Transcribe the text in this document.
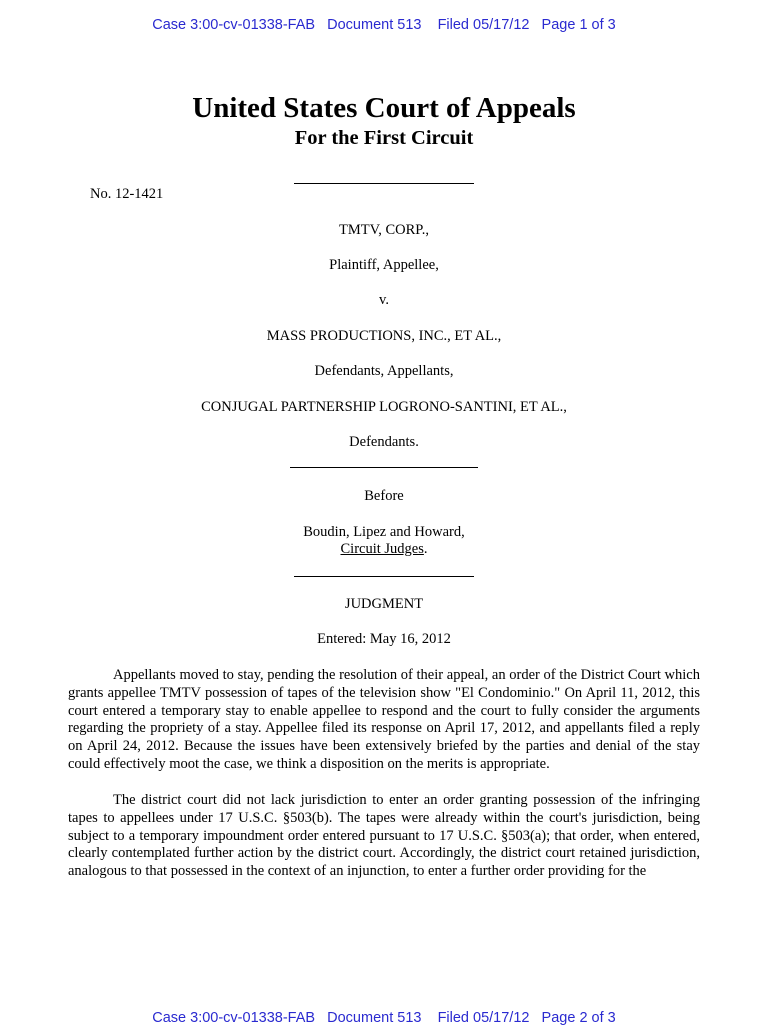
Case 3:00-cv-01338-FAB   Document 513    Filed 05/17/12   Page 1 of 3
United States Court of Appeals
For the First Circuit
No. 12-1421
TMTV, CORP.,
Plaintiff, Appellee,
v.
MASS PRODUCTIONS, INC., ET AL.,
Defendants, Appellants,
CONJUGAL PARTNERSHIP LOGRONO-SANTINI, ET AL.,
Defendants.
Before
Boudin, Lipez and Howard,
Circuit Judges.
JUDGMENT
Entered: May 16, 2012

Appellants moved to stay, pending the resolution of their appeal, an order of the District Court which grants appellee TMTV possession of tapes of the television show "El Condominio." On April 11, 2012, this court entered a temporary stay to enable appellee to respond and the court to fully consider the arguments regarding the propriety of a stay. Appellee filed its response on April 17, 2012, and appellants filed a reply on April 24, 2012. Because the issues have been extensively briefed by the parties and denial of the stay could effectively moot the case, we think a disposition on the merits is appropriate.

The district court did not lack jurisdiction to enter an order granting possession of the infringing tapes to appellees under 17 U.S.C. §503(b). The tapes were already within the court's jurisdiction, being subject to a temporary impoundment order entered pursuant to 17 U.S.C. §503(a); that order, when entered, clearly contemplated further action by the district court. Accordingly, the district court retained jurisdiction, analogous to that possessed in the context of an injunction, to enter a further order providing for the

Case 3:00-cv-01338-FAB   Document 513    Filed 05/17/12   Page 2 of 3
